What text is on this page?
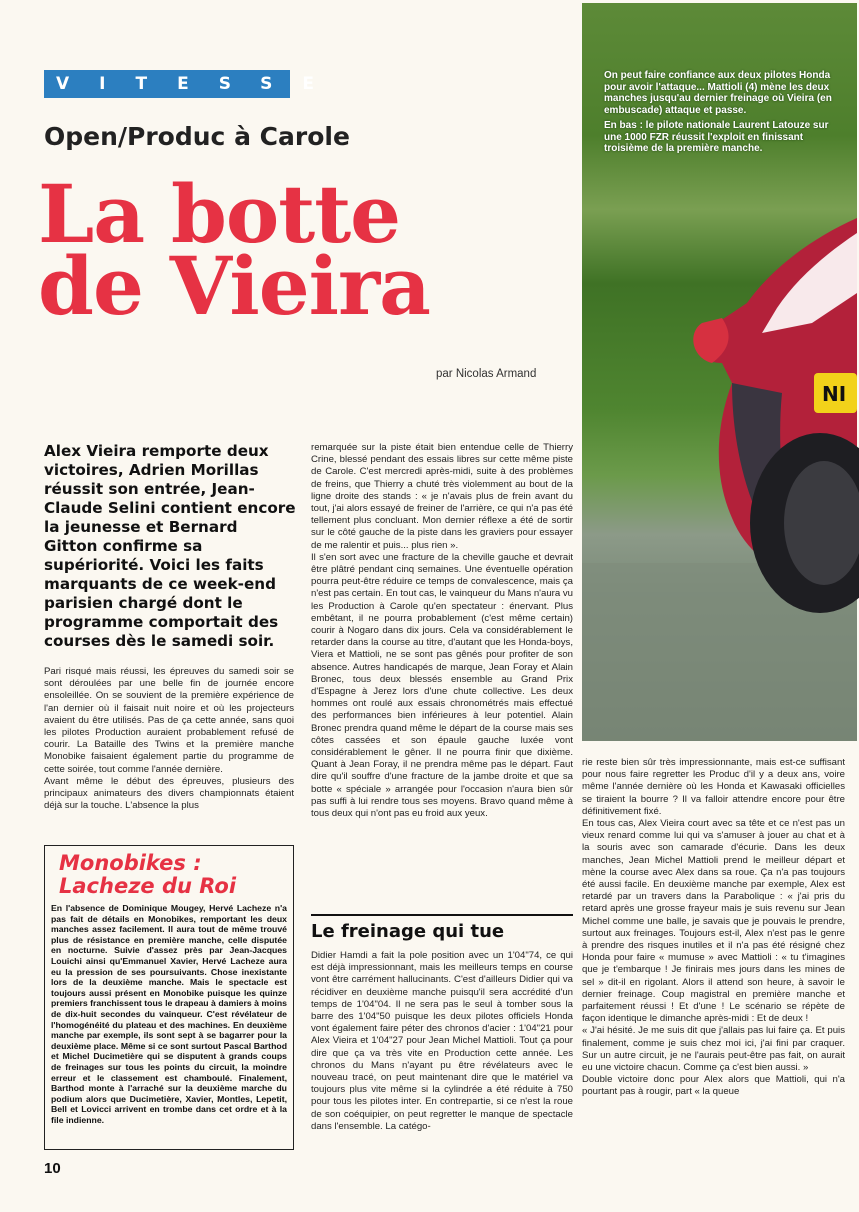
VITESSE
Open/Produc à Carole
La botte
de Vieira
par Nicolas Armand
NI

On peut faire confiance aux deux pilotes Honda pour avoir l'attaque... Mattioli (4) mène les deux manches jusqu'au dernier freinage où Vieira (en embuscade) attaque et passe.

En bas : le pilote nationale Laurent Latouze sur une 1000 FZR réussit l'exploit en finissant troisième de la première manche.

Alex Vieira remporte deux victoires, Adrien Morillas réussit son entrée, Jean-Claude Selini contient encore la jeunesse et Bernard Gitton confirme sa supériorité. Voici les faits marquants de ce week-end parisien chargé dont le programme comportait des courses dès le samedi soir.

Pari risqué mais réussi, les épreuves du samedi soir se sont déroulées par une belle fin de journée encore ensoleillée. On se souvient de la première expérience de l'an dernier où il faisait nuit noire et où les projecteurs avaient du être utilisés. Pas de ça cette année, sans quoi les pilotes Production auraient probablement refusé de courir. La Bataille des Twins et la première manche Monobike faisaient également partie du programme de cette soirée, tout comme l'année dernière.

Avant même le début des épreuves, plusieurs des principaux animateurs des divers championnats étaient déjà sur la touche. L'absence la plus

Monobikes : Lacheze du Roi
En l'absence de Dominique Mougey, Hervé Lacheze n'a pas fait de détails en Monobikes, remportant les deux manches assez facilement. Il aura tout de même trouvé plus de résistance en première manche, celle disputée en nocturne. Suivie d'assez près par Jean-Jacques Louichi ainsi qu'Emmanuel Xavier, Hervé Lacheze aura eu la pression de ses poursuivants. Chose inexistante lors de la deuxième manche. Mais le spectacle est toujours aussi présent en Monobike puisque les quinze premiers franchissent tous le drapeau à damiers à moins de dix-huit secondes du vainqueur. C'est révélateur de l'homogénéité du plateau et des machines. En deuxième manche par exemple, ils sont sept à se bagarrer pour la deuxième place. Même si ce sont surtout Pascal Barthod et Michel Ducimetière qui se disputent à grands coups de freinages sur tous les points du circuit, la moindre erreur et le classement est chamboulé. Finalement, Barthod monte à l'arraché sur la deuxième marche du podium alors que Ducimetière, Xavier, Montles, Lepetit, Bell et Lovicci arrivent en trombe dans cet ordre et à la file indienne.

remarquée sur la piste était bien entendue celle de Thierry Crine, blessé pendant des essais libres sur cette même piste de Carole. C'est mercredi après-midi, suite à des problèmes de freins, que Thierry a chuté très violemment au bout de la ligne droite des stands : « je n'avais plus de frein avant du tout, j'ai alors essayé de freiner de l'arrière, ce qui n'a pas été tellement plus concluant. Mon dernier réflexe a été de sortir sur le côté gauche de la piste dans les graviers pour essayer de me ralentir et puis... plus rien ».

Il s'en sort avec une fracture de la cheville gauche et devrait être plâtré pendant cinq semaines. Une éventuelle opération pourra peut-être réduire ce temps de convalescence, mais ça n'est pas certain. En tout cas, le vainqueur du Mans n'aura vu les Production à Carole qu'en spectateur : énervant. Plus embêtant, il ne pourra probablement (c'est même certain) courir à Nogaro dans dix jours. Cela va considérablement le retarder dans la course au titre, d'autant que les Honda-boys, Viera et Mattioli, ne se sont pas gênés pour profiter de son absence. Autres handicapés de marque, Jean Foray et Alain Bronec, tous deux blessés ensemble au Grand Prix d'Espagne à Jerez lors d'une chute collective. Les deux hommes ont roulé aux essais chronométrés mais effectué des performances bien inférieures à leur potentiel. Alain Bronec prendra quand même le départ de la course mais ses côtes cassées et son épaule gauche luxée vont considérablement le gêner. Il ne pourra finir que dixième. Quant à Jean Foray, il ne prendra même pas le départ. Faut dire qu'il souffre d'une fracture de la jambe droite et que sa botte « spéciale » arrangée pour l'occasion n'aura bien sûr pas suffi à lui rendre tous ses moyens. Bravo quand même à tous deux qui n'ont pas eu froid aux yeux.

Le freinage qui tue

Didier Hamdi a fait la pole position avec un 1'04"74, ce qui est déjà impressionnant, mais les meilleurs temps en course vont être carrément hallucinants. C'est d'ailleurs Didier qui va récidiver en deuxième manche puisqu'il sera accrédité d'un temps de 1'04"04. Il ne sera pas le seul à tomber sous la barre des 1'04"50 puisque les deux pilotes officiels Honda vont également faire péter des chronos d'acier : 1'04"21 pour Alex Vieira et 1'04"27 pour Jean Michel Mattioli. Tout ça pour dire que ça va très vite en Production cette année. Les chronos du Mans n'ayant pu être révélateurs avec le nouveau tracé, on peut maintenant dire que le matériel va toujours plus vite même si la cylindrée a été réduite à 750 pour tous les pilotes inter. En contrepartie, si ce n'est la roue de son coéquipier, on peut regretter le manque de spectacle dans l'ensemble. La catégo-

rie reste bien sûr très impressionnante, mais est-ce suffisant pour nous faire regretter les Produc d'il y a deux ans, voire même l'année dernière où les Honda et Kawasaki officielles se tiraient la bourre ? Il va falloir attendre encore pour être définitivement fixé.

En tous cas, Alex Vieira court avec sa tête et ce n'est pas un vieux renard comme lui qui va s'amuser à jouer au chat et à la souris avec son camarade d'écurie. Dans les deux manches, Jean Michel Mattioli prend le meilleur départ et mène la course avec Alex dans sa roue. Ça n'a pas toujours été aussi facile. En deuxième manche par exemple, Alex est retardé par un travers dans la Parabolique : « j'ai pris du retard après une grosse frayeur mais je suis revenu sur Jean Michel comme une balle, je savais que je pouvais le prendre, surtout aux freinages. Toujours est-il, Alex n'est pas le genre à prendre des risques inutiles et il n'a pas été résigné chez Honda pour faire « mumuse » avec Mattioli : « tu t'imagines que je t'embarque ! Je finirais mes jours dans les mines de sel » dit-il en rigolant. Alors il attend son heure, à savoir le dernier freinage. Coup magistral en première manche et parfaitement réussi ! Et d'une ! Le scénario se répète de façon identique le dimanche après-midi : Et de deux !

« J'ai hésité. Je me suis dit que j'allais pas lui faire ça. Et puis finalement, comme je suis chez moi ici, j'ai fini par craquer. Sur un autre circuit, je ne l'aurais peut-être pas fait, on aurait eu une victoire chacun. Comme ça c'est bien aussi. »

Double victoire donc pour Alex alors que Mattioli, qui n'a pourtant pas à rougir, part « la queue

10
